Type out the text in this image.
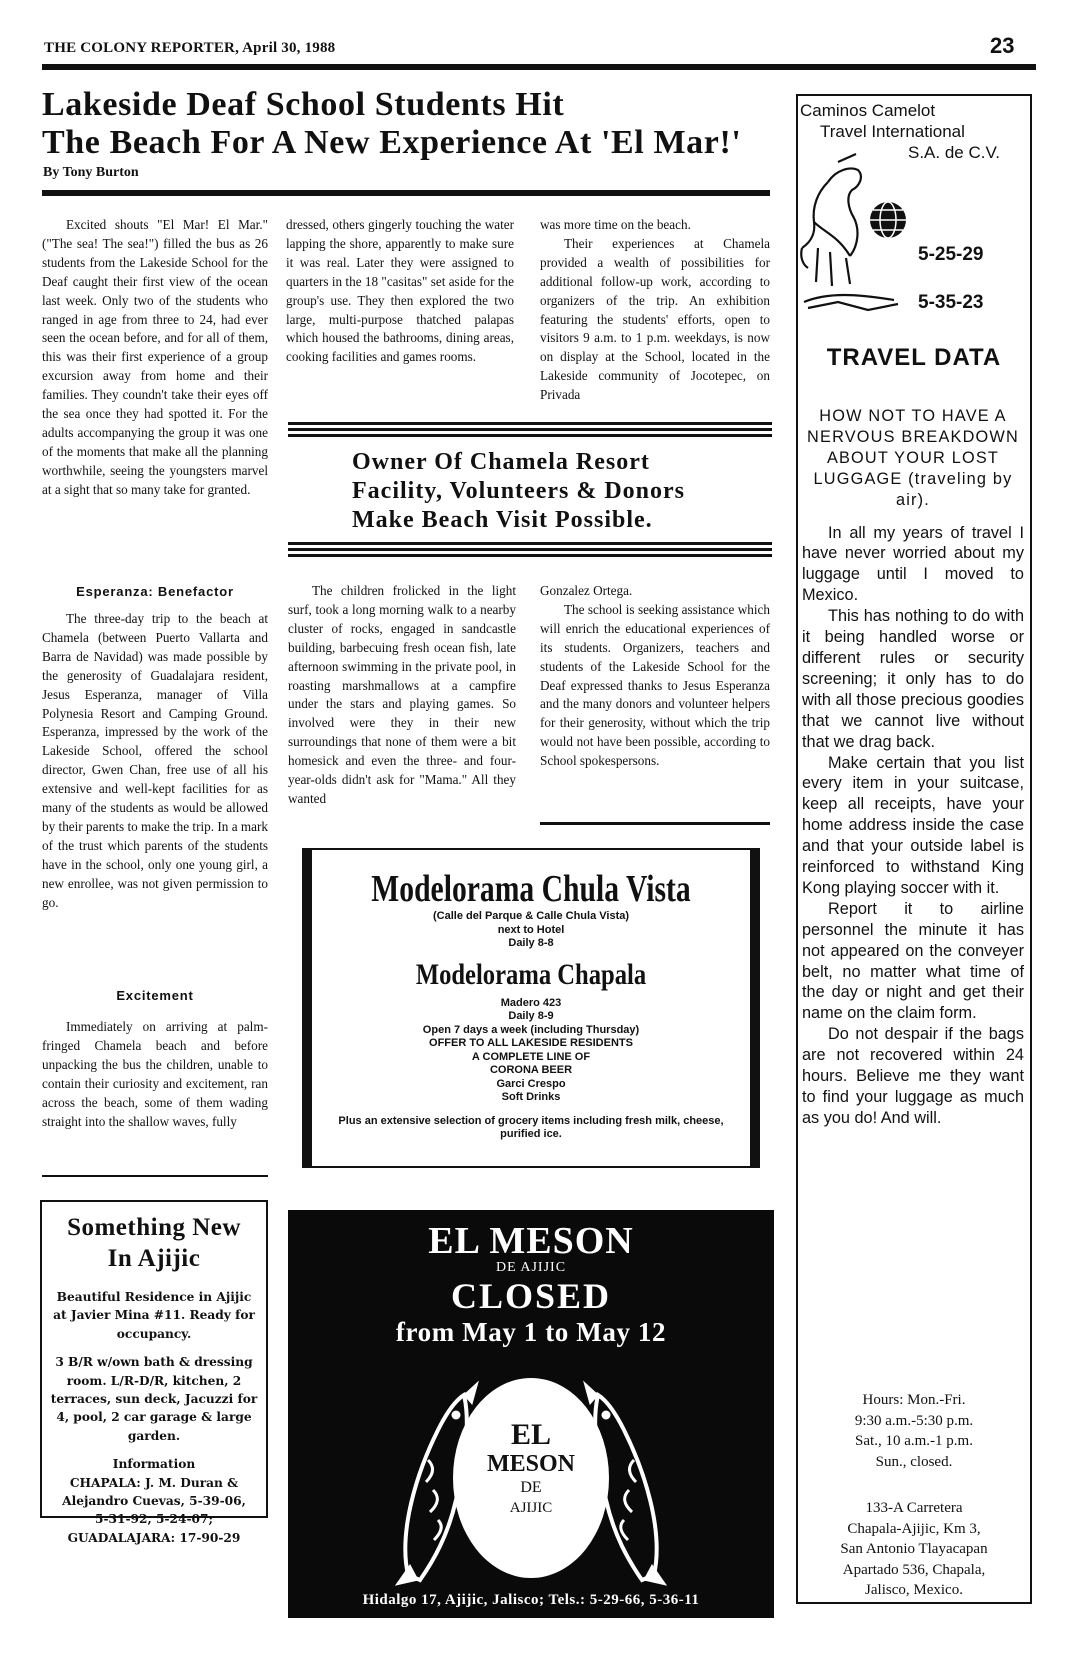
THE COLONY REPORTER, April 30, 1988	23
Lakeside Deaf School Students Hit
The Beach For A New Experience At 'El Mar!'
By Tony Burton

Excited shouts "El Mar! El Mar." ("The sea! The sea!") filled the bus as 26 students from the Lakeside School for the Deaf caught their first view of the ocean last week. Only two of the students who ranged in age from three to 24, had ever seen the ocean before, and for all of them, this was their first experience of a group excursion away from home and their families. They coundn't take their eyes off the sea once they had spotted it. For the adults accompanying the group it was one of the moments that make all the planning worthwhile, seeing the youngsters marvel at a sight that so many take for granted.

dressed, others gingerly touching the water lapping the shore, apparently to make sure it was real. Later they were assigned to quarters in the 18 "casitas" set aside for the group's use. They then explored the two large, multi-purpose thatched palapas which housed the bathrooms, dining areas, cooking facilities and games rooms.

was more time on the beach.

Their experiences at Chamela provided a wealth of possibilities for additional follow-up work, according to organizers of the trip. An exhibition featuring the students' efforts, open to visitors 9 a.m. to 1 p.m. weekdays, is now on display at the School, located in the Lakeside community of Jocotepec, on Privada

Esperanza: Benefactor

The three-day trip to the beach at Chamela (between Puerto Vallarta and Barra de Navidad) was made possible by the generosity of Guadalajara resident, Jesus Esperanza, manager of Villa Polynesia Resort and Camping Ground. Esperanza, impressed by the work of the Lakeside School, offered the school director, Gwen Chan, free use of all his extensive and well-kept facilities for as many of the students as would be allowed by their parents to make the trip. In a mark of the trust which parents of the students have in the school, only one young girl, a new enrollee, was not given permission to go.

Excitement

Immediately on arriving at palm-fringed Chamela beach and before unpacking the bus the children, unable to contain their curiosity and excitement, ran across the beach, some of them wading straight into the shallow waves, fully

Owner Of Chamela Resort
Facility, Volunteers & Donors
Make Beach Visit Possible.

The children frolicked in the light surf, took a long morning walk to a nearby cluster of rocks, engaged in sandcastle building, barbecuing fresh ocean fish, late afternoon swimming in the private pool, in roasting marshmallows at a campfire under the stars and playing games. So involved were they in their new surroundings that none of them were a bit homesick and even the three- and four-year-olds didn't ask for "Mama." All they wanted

Gonzalez Ortega.

The school is seeking assistance which will enrich the educational experiences of its students. Organizers, teachers and students of the Lakeside School for the Deaf expressed thanks to Jesus Esperanza and the many donors and volunteer helpers for their generosity, without which the trip would not have been possible, according to School spokespersons.

Modelorama Chula Vista
(Calle del Parque & Calle Chula Vista)
next to Hotel
Daily 8-8
Modelorama Chapala
Madero 423
Daily 8-9
Open 7 days a week (including Thursday)
OFFER TO ALL LAKESIDE RESIDENTS
A COMPLETE LINE OF
CORONA BEER
Garci Crespo
Soft Drinks
Plus an extensive selection of grocery items including fresh milk, cheese, purified ice.
Something New
In Ajijic
Beautiful Residence in Ajijic at Javier Mina #11. Ready for occupancy.
3 B/R w/own bath & dressing room. L/R-D/R, kitchen, 2 terraces, sun deck, Jacuzzi for 4, pool, 2 car garage & large garden.
Information
CHAPALA: J. M. Duran &
Alejandro Cuevas, 5-39-06,
5-31-92, 5-24-07;
GUADALAJARA: 17-90-29
EL MESON
DE AJIJIC
CLOSED
from May 1 to May 12
EL
MESON
DE
AJIJIC
Hidalgo 17, Ajijic, Jalisco; Tels.: 5-29-66, 5-36-11
Caminos Camelot
Travel International
S.A. de C.V.
5-25-29
5-35-23
TRAVEL DATA

HOW NOT TO HAVE A NERVOUS BREAKDOWN ABOUT YOUR LOST LUGGAGE (traveling by air).

In all my years of travel I have never worried about my luggage until I moved to Mexico.

This has nothing to do with it being handled worse or different rules or security screening; it only has to do with all those precious goodies that we cannot live without that we drag back.

Make certain that you list every item in your suitcase, keep all receipts, have your home address inside the case and that your outside label is reinforced to withstand King Kong playing soccer with it.

Report it to airline personnel the minute it has not appeared on the conveyer belt, no matter what time of the day or night and get their name on the claim form.

Do not despair if the bags are not recovered within 24 hours. Believe me they want to find your luggage as much as you do! And will.

Hours: Mon.-Fri.
9:30 a.m.-5:30 p.m.
Sat., 10 a.m.-1 p.m.
Sun., closed.
133-A Carretera
Chapala-Ajijic, Km 3,
San Antonio Tlayacapan
Apartado 536, Chapala,
Jalisco, Mexico.
